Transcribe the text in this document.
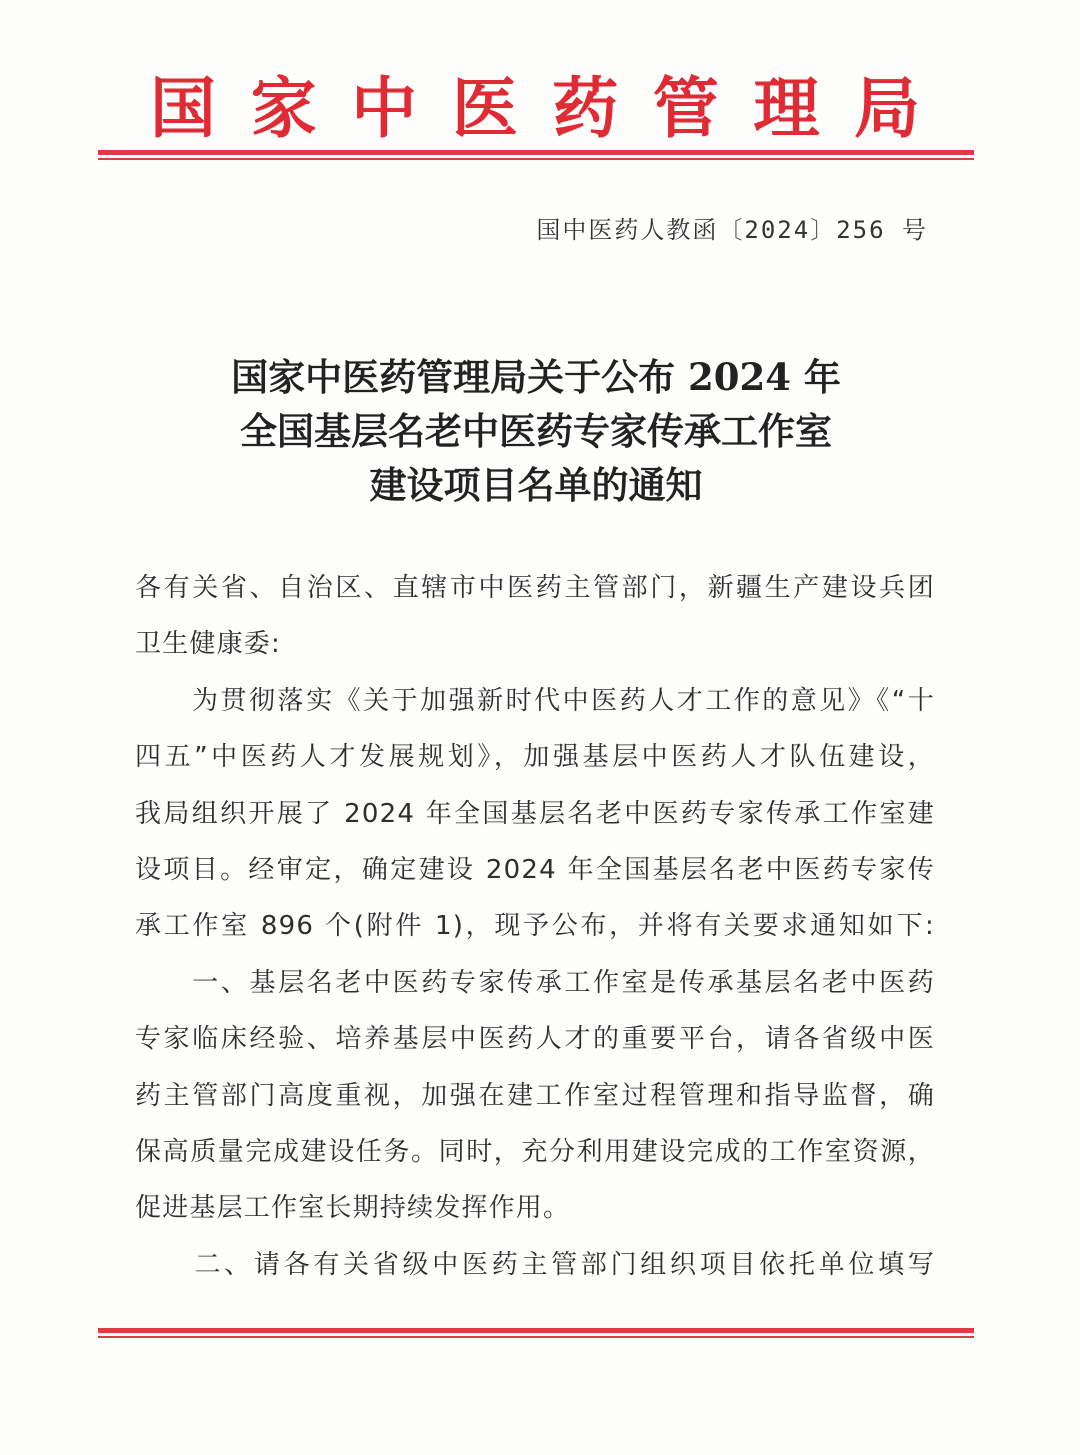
国 家 中 医 药 管 理 局
国中医药人教函〔2024〕256 号
国家中医药管理局关于公布 2024 年
全国基层名老中医药专家传承工作室
建设项目名单的通知
各有关省、自治区、直辖市中医药主管部门，新疆生产建设兵团
卫生健康委:
　　为贯彻落实《关于加强新时代中医药人才工作的意见》《“十
四五”中医药人才发展规划》，加强基层中医药人才队伍建设，
我局组织开展了 2024 年全国基层名老中医药专家传承工作室建
设项目。经审定，确定建设 2024 年全国基层名老中医药专家传
承工作室 896 个(附件 1)，现予公布，并将有关要求通知如下:
　　一、基层名老中医药专家传承工作室是传承基层名老中医药
专家临床经验、培养基层中医药人才的重要平台，请各省级中医
药主管部门高度重视，加强在建工作室过程管理和指导监督，确
保高质量完成建设任务。同时，充分利用建设完成的工作室资源，
促进基层工作室长期持续发挥作用。
　　二、请各有关省级中医药主管部门组织项目依托单位填写
